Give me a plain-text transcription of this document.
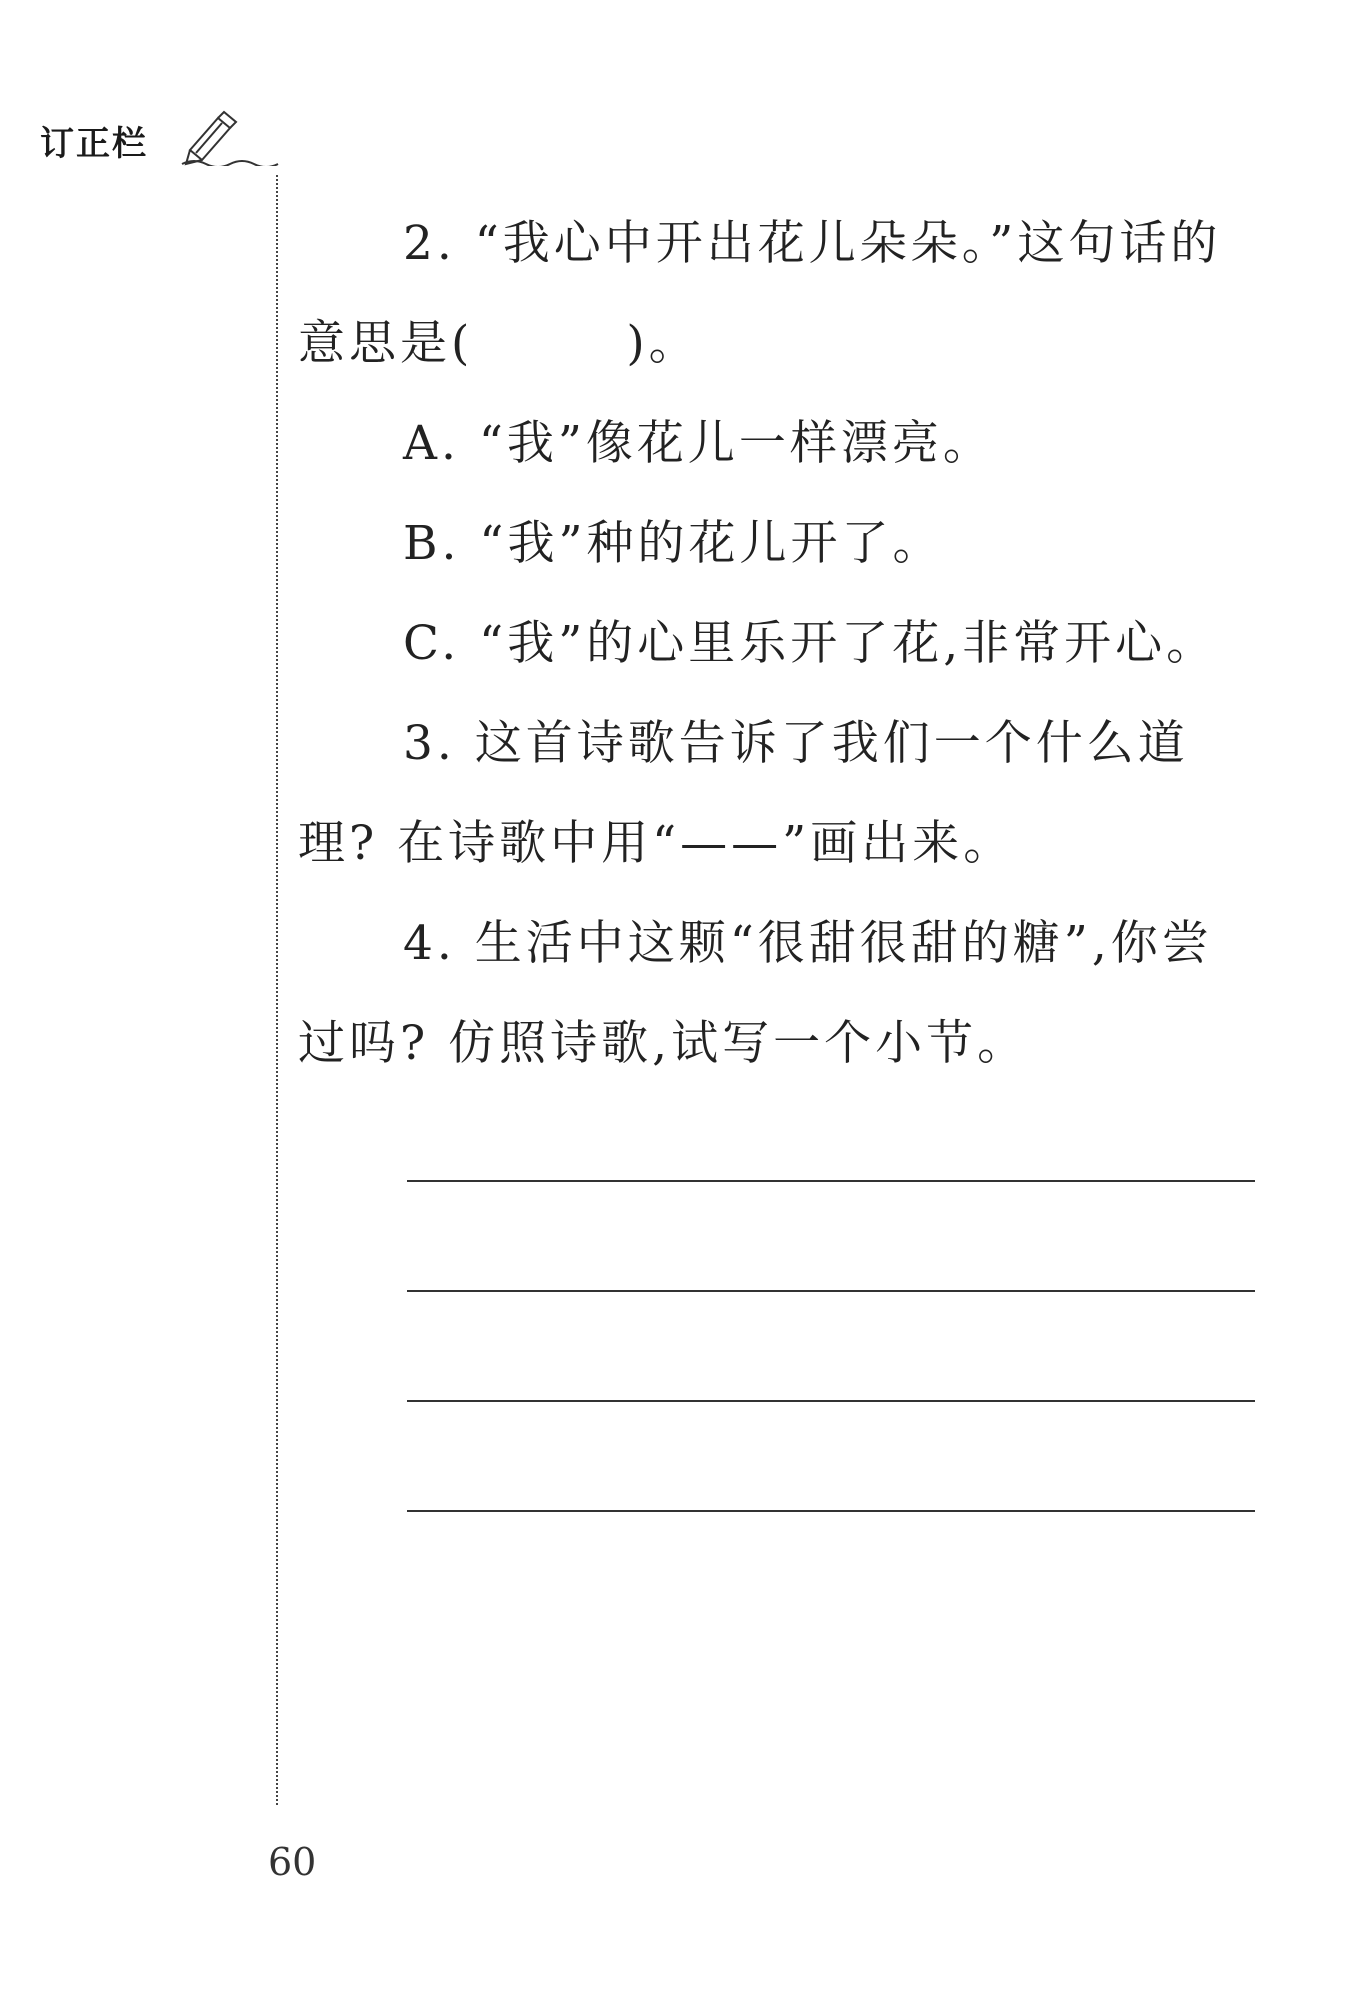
订正栏
2. “我心中开出花儿朵朵。”这句话的
意思是(　　　)。
A. “我”像花儿一样漂亮。
B. “我”种的花儿开了。
C. “我”的心里乐开了花,非常开心。
3. 这首诗歌告诉了我们一个什么道
理? 在诗歌中用“——”画出来。
4. 生活中这颗“很甜很甜的糖”,你尝
过吗? 仿照诗歌,试写一个小节。
60
